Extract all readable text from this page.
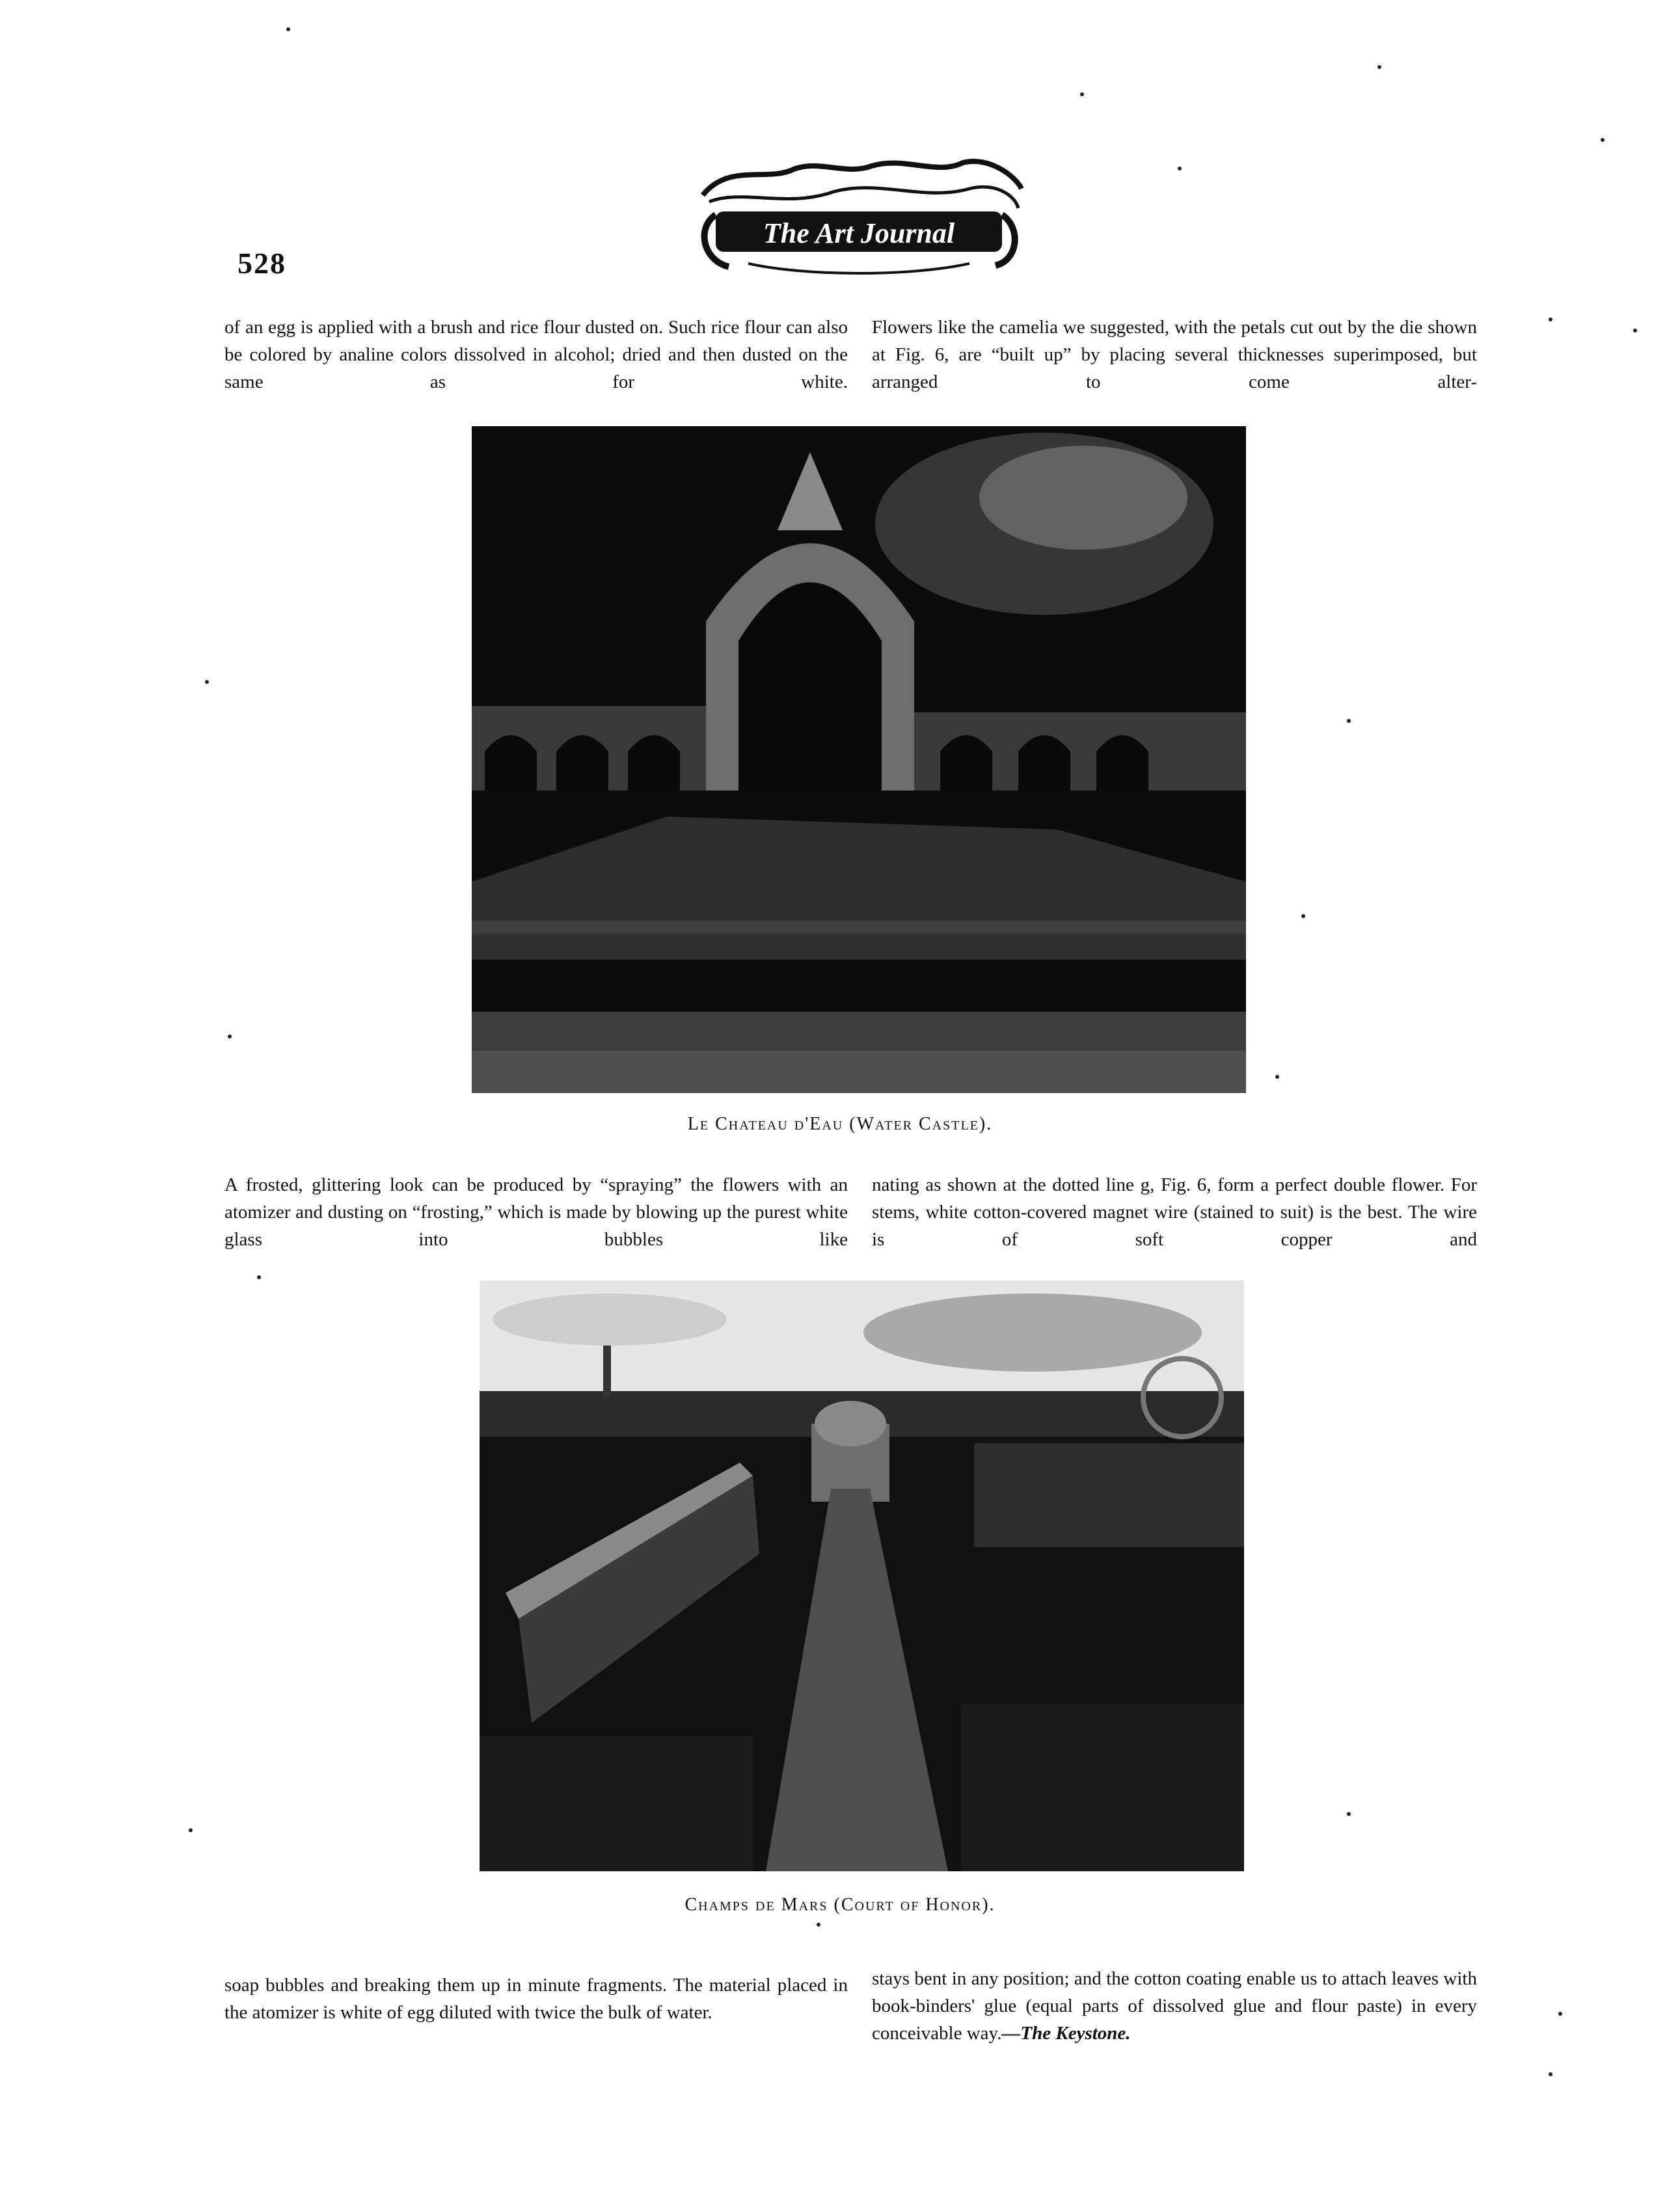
528
The Art Journal
of an egg is applied with a brush and rice flour dusted on. Such rice flour can also be colored by analine colors dissolved in alcohol; dried and then dusted on the same as for white.
Flowers like the camelia we suggested, with the petals cut out by the die shown at Fig. 6, are “built up” by placing several thicknesses superimposed, but arranged to come alter-
Le Chateau d'Eau (Water Castle).
A frosted, glittering look can be produced by “spraying” the flowers with an atomizer and dusting on “frosting,” which is made by blowing up the purest white glass into bubbles like
nating as shown at the dotted line g, Fig. 6, form a perfect double flower. For stems, white cotton-covered magnet wire (stained to suit) is the best. The wire is of soft copper and
Champs de Mars (Court of Honor).
soap bubbles and breaking them up in minute fragments. The material placed in the atomizer is white of egg diluted with twice the bulk of water.
stays bent in any position; and the cotton coating enable us to attach leaves with book-binders' glue (equal parts of dissolved glue and flour paste) in every conceivable way.—The Keystone.
